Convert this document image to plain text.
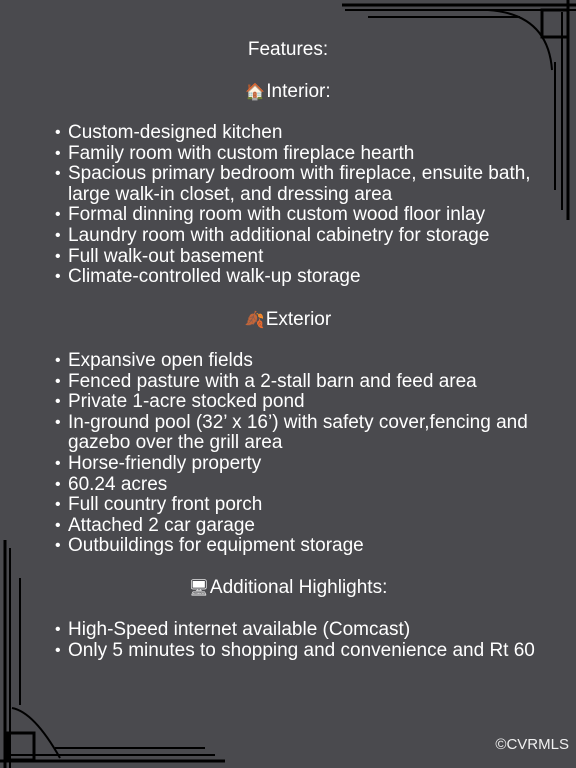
Features:
🏠Interior:
• Custom-designed kitchen
• Family room with custom fireplace hearth
• Spacious primary bedroom with fireplace, ensuite bath, large walk-in closet, and dressing area
• Formal dinning room with custom wood floor inlay
• Laundry room with additional cabinetry for storage
• Full walk-out basement
• Climate-controlled walk-up storage
🍂Exterior
• Expansive open fields
• Fenced pasture with a 2-stall barn and feed area
• Private 1-acre stocked pond
• In-ground pool (32’ x 16’) with safety cover,fencing and gazebo over the grill area
• Horse-friendly property
• 60.24 acres
• Full country front porch
• Attached 2 car garage
• Outbuildings for equipment storage
🖥Additional Highlights:
• High-Speed internet available (Comcast)
• Only 5 minutes to shopping and convenience and Rt 60
©CVRMLS
